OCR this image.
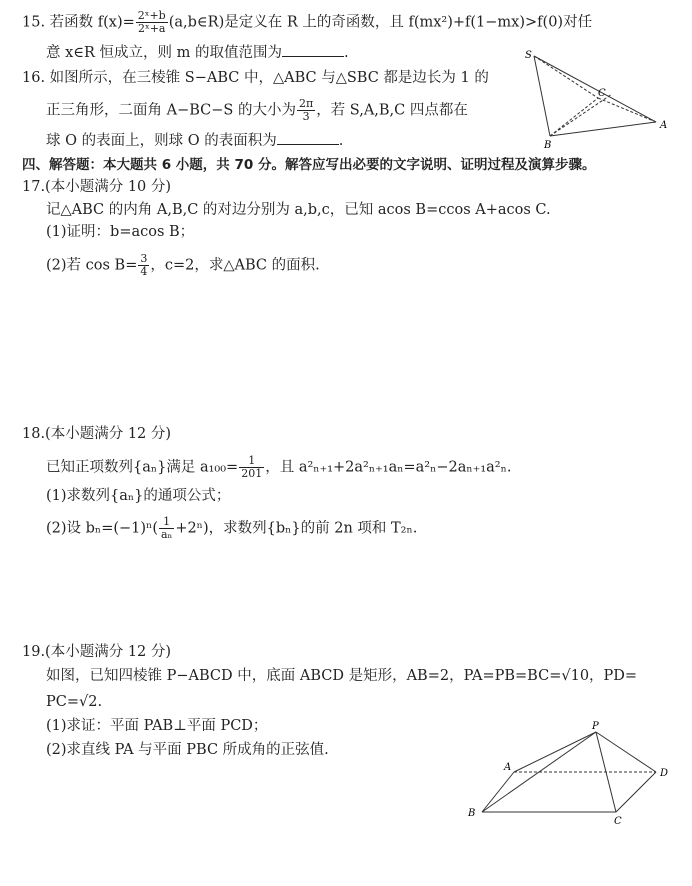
15. 若函数 $f(x)= \frac{\text{2ˣ+b}}{\text{2ˣ+a}}$ (a,b∈R)是定义在 R 上的奇函数，且 f(mx²)+f(1−mx)>f(0)对任
意 x∈R 恒成立，则 m 的取值范围为	.
16. 如图所示，在三棱锥 S−ABC 中，△ABC 与△SBC 都是边长为 1 的
正三角形，二面角 A−BC−S 的大小为 $\frac{2\pi}{3}$ ，若 S,A,B,C 四点都在
球 O 的表面上，则球 O 的表面积为	.
S
A
B
C
四、解答题：本大题共 6 小题，共 70 分。解答应写出必要的文字说明、证明过程及演算步骤。
17.(本小题满分 10 分)
记△ABC 的内角 A,B,C 的对边分别为 a,b,c，已知 acos B=ccos A+acos C.
(1)证明：b=acos B；
(2)若 $\cos B= \frac{3}{4}$ ，c=2，求△ABC 的面积.
18.(本小题满分 12 分)
已知正项数列{aₙ}满足 $a_{100}= \frac{1}{201}$ ，且 a²ₙ₊₁+2a²ₙ₊₁aₙ=a²ₙ−2aₙ₊₁a²ₙ.
(1)求数列{aₙ}的通项公式；
(2)设 $b_n=(-1)^n( \frac{1}{\text{aₙ}} +2^n)$，求数列{bₙ}的前 2n 项和 T₂ₙ.
19.(本小题满分 12 分)
如图，已知四棱锥 P−ABCD 中，底面 ABCD 是矩形，AB=2，PA=PB=BC=√10，PD=
PC=√2.
(1)求证：平面 PAB⊥平面 PCD；
(2)求直线 PA 与平面 PBC 所成角的正弦值.
P
A
B
C
D
